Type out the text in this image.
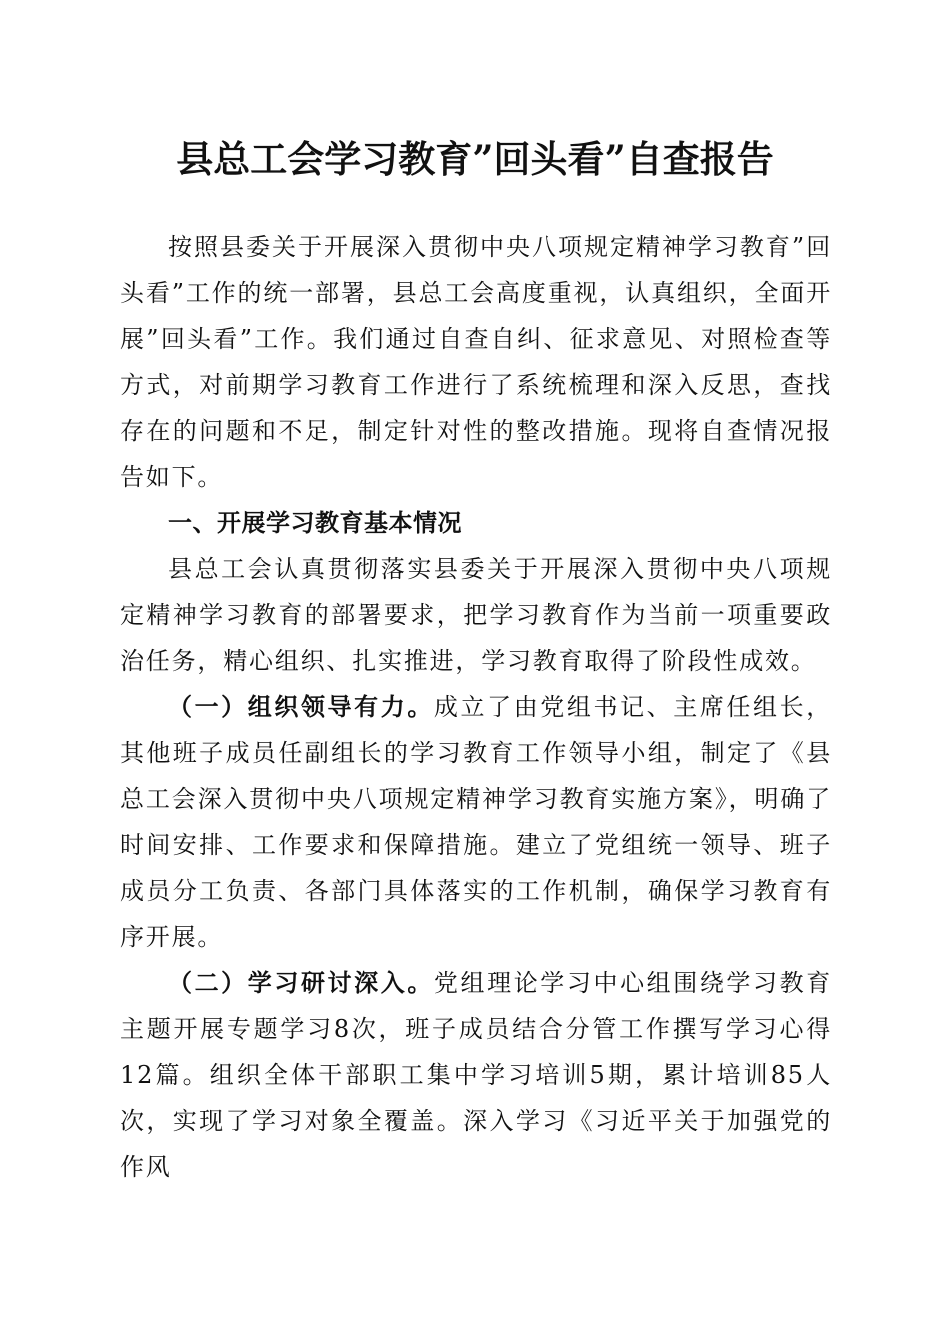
县总工会学习教育”回头看”自查报告

按照县委关于开展深入贯彻中央八项规定精神学习教育”回头看”工作的统一部署，县总工会高度重视，认真组织，全面开展”回头看”工作。我们通过自查自纠、征求意见、对照检查等方式，对前期学习教育工作进行了系统梳理和深入反思，查找存在的问题和不足，制定针对性的整改措施。现将自查情况报告如下。

一、开展学习教育基本情况

县总工会认真贯彻落实县委关于开展深入贯彻中央八项规定精神学习教育的部署要求，把学习教育作为当前一项重要政治任务，精心组织、扎实推进，学习教育取得了阶段性成效。

（一）组织领导有力。成立了由党组书记、主席任组长，其他班子成员任副组长的学习教育工作领导小组，制定了《县总工会深入贯彻中央八项规定精神学习教育实施方案》，明确了时间安排、工作要求和保障措施。建立了党组统一领导、班子成员分工负责、各部门具体落实的工作机制，确保学习教育有序开展。

（二）学习研讨深入。党组理论学习中心组围绕学习教育主题开展专题学习8次，班子成员结合分管工作撰写学习心得12篇。组织全体干部职工集中学习培训5期，累计培训85人次，实现了学习对象全覆盖。深入学习《习近平关于加强党的作风
